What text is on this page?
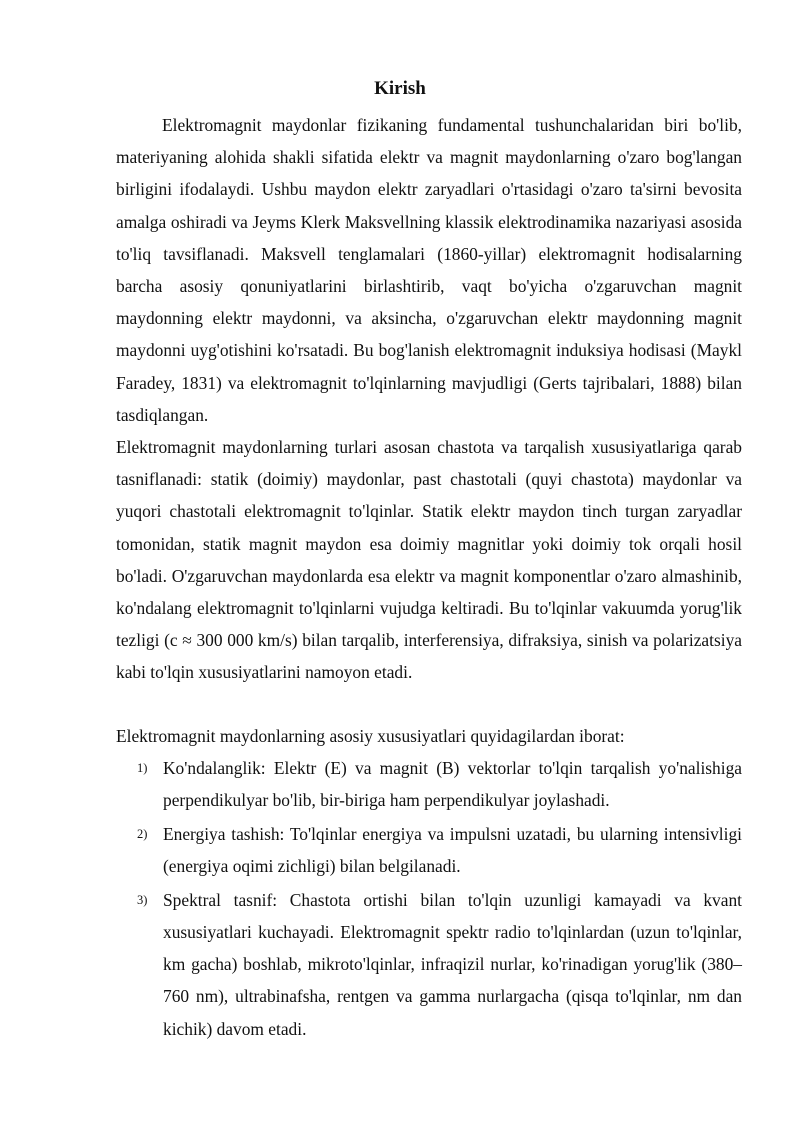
Kirish

Elektromagnit maydonlar fizikaning fundamental tushunchalaridan biri bo'lib, materiyaning alohida shakli sifatida elektr va magnit maydonlarning o'zaro bog'langan birligini ifodalaydi. Ushbu maydon elektr zaryadlari o'rtasidagi o'zaro ta'sirni bevosita amalga oshiradi va Jeyms Klerk Maksvellning klassik elektrodinamika nazariyasi asosida to'liq tavsiflanadi. Maksvell tenglamalari (1860-yillar) elektromagnit hodisalarning barcha asosiy qonuniyatlarini birlashtirib, vaqt bo'yicha o'zgaruvchan magnit maydonning elektr maydonni, va aksincha, o'zgaruvchan elektr maydonning magnit maydonni uyg'otishini ko'rsatadi. Bu bog'lanish elektromagnit induksiya hodisasi (Maykl Faradey, 1831) va elektromagnit to'lqinlarning mavjudligi (Gerts tajribalari, 1888) bilan tasdiqlangan.

Elektromagnit maydonlarning turlari asosan chastota va tarqalish xususiyatlariga qarab tasniflanadi: statik (doimiy) maydonlar, past chastotali (quyi chastota) maydonlar va yuqori chastotali elektromagnit to'lqinlar. Statik elektr maydon tinch turgan zaryadlar tomonidan, statik magnit maydon esa doimiy magnitlar yoki doimiy tok orqali hosil bo'ladi. O'zgaruvchan maydonlarda esa elektr va magnit komponentlar o'zaro almashinib, ko'ndalang elektromagnit to'lqinlarni vujudga keltiradi. Bu to'lqinlar vakuumda yorug'lik tezligi (c ≈ 300 000 km/s) bilan tarqalib, interferensiya, difraksiya, sinish va polarizatsiya kabi to'lqin xususiyatlarini namoyon etadi.

Elektromagnit maydonlarning asosiy xususiyatlari quyidagilardan iborat:

1) Ko'ndalanglik: Elektr (E) va magnit (B) vektorlar to'lqin tarqalish yo'nalishiga perpendikulyar bo'lib, bir-biriga ham perpendikulyar joylashadi.

2) Energiya tashish: To'lqinlar energiya va impulsni uzatadi, bu ularning intensivligi (energiya oqimi zichligi) bilan belgilanadi.

3) Spektral tasnif: Chastota ortishi bilan to'lqin uzunligi kamayadi va kvant xususiyatlari kuchayadi. Elektromagnit spektr radio to'lqinlardan (uzun to'lqinlar, km gacha) boshlab, mikroto'lqinlar, infraqizil nurlar, ko'rinadigan yorug'lik (380–760 nm), ultrabinafsha, rentgen va gamma nurlargacha (qisqa to'lqinlar, nm dan kichik) davom etadi.
